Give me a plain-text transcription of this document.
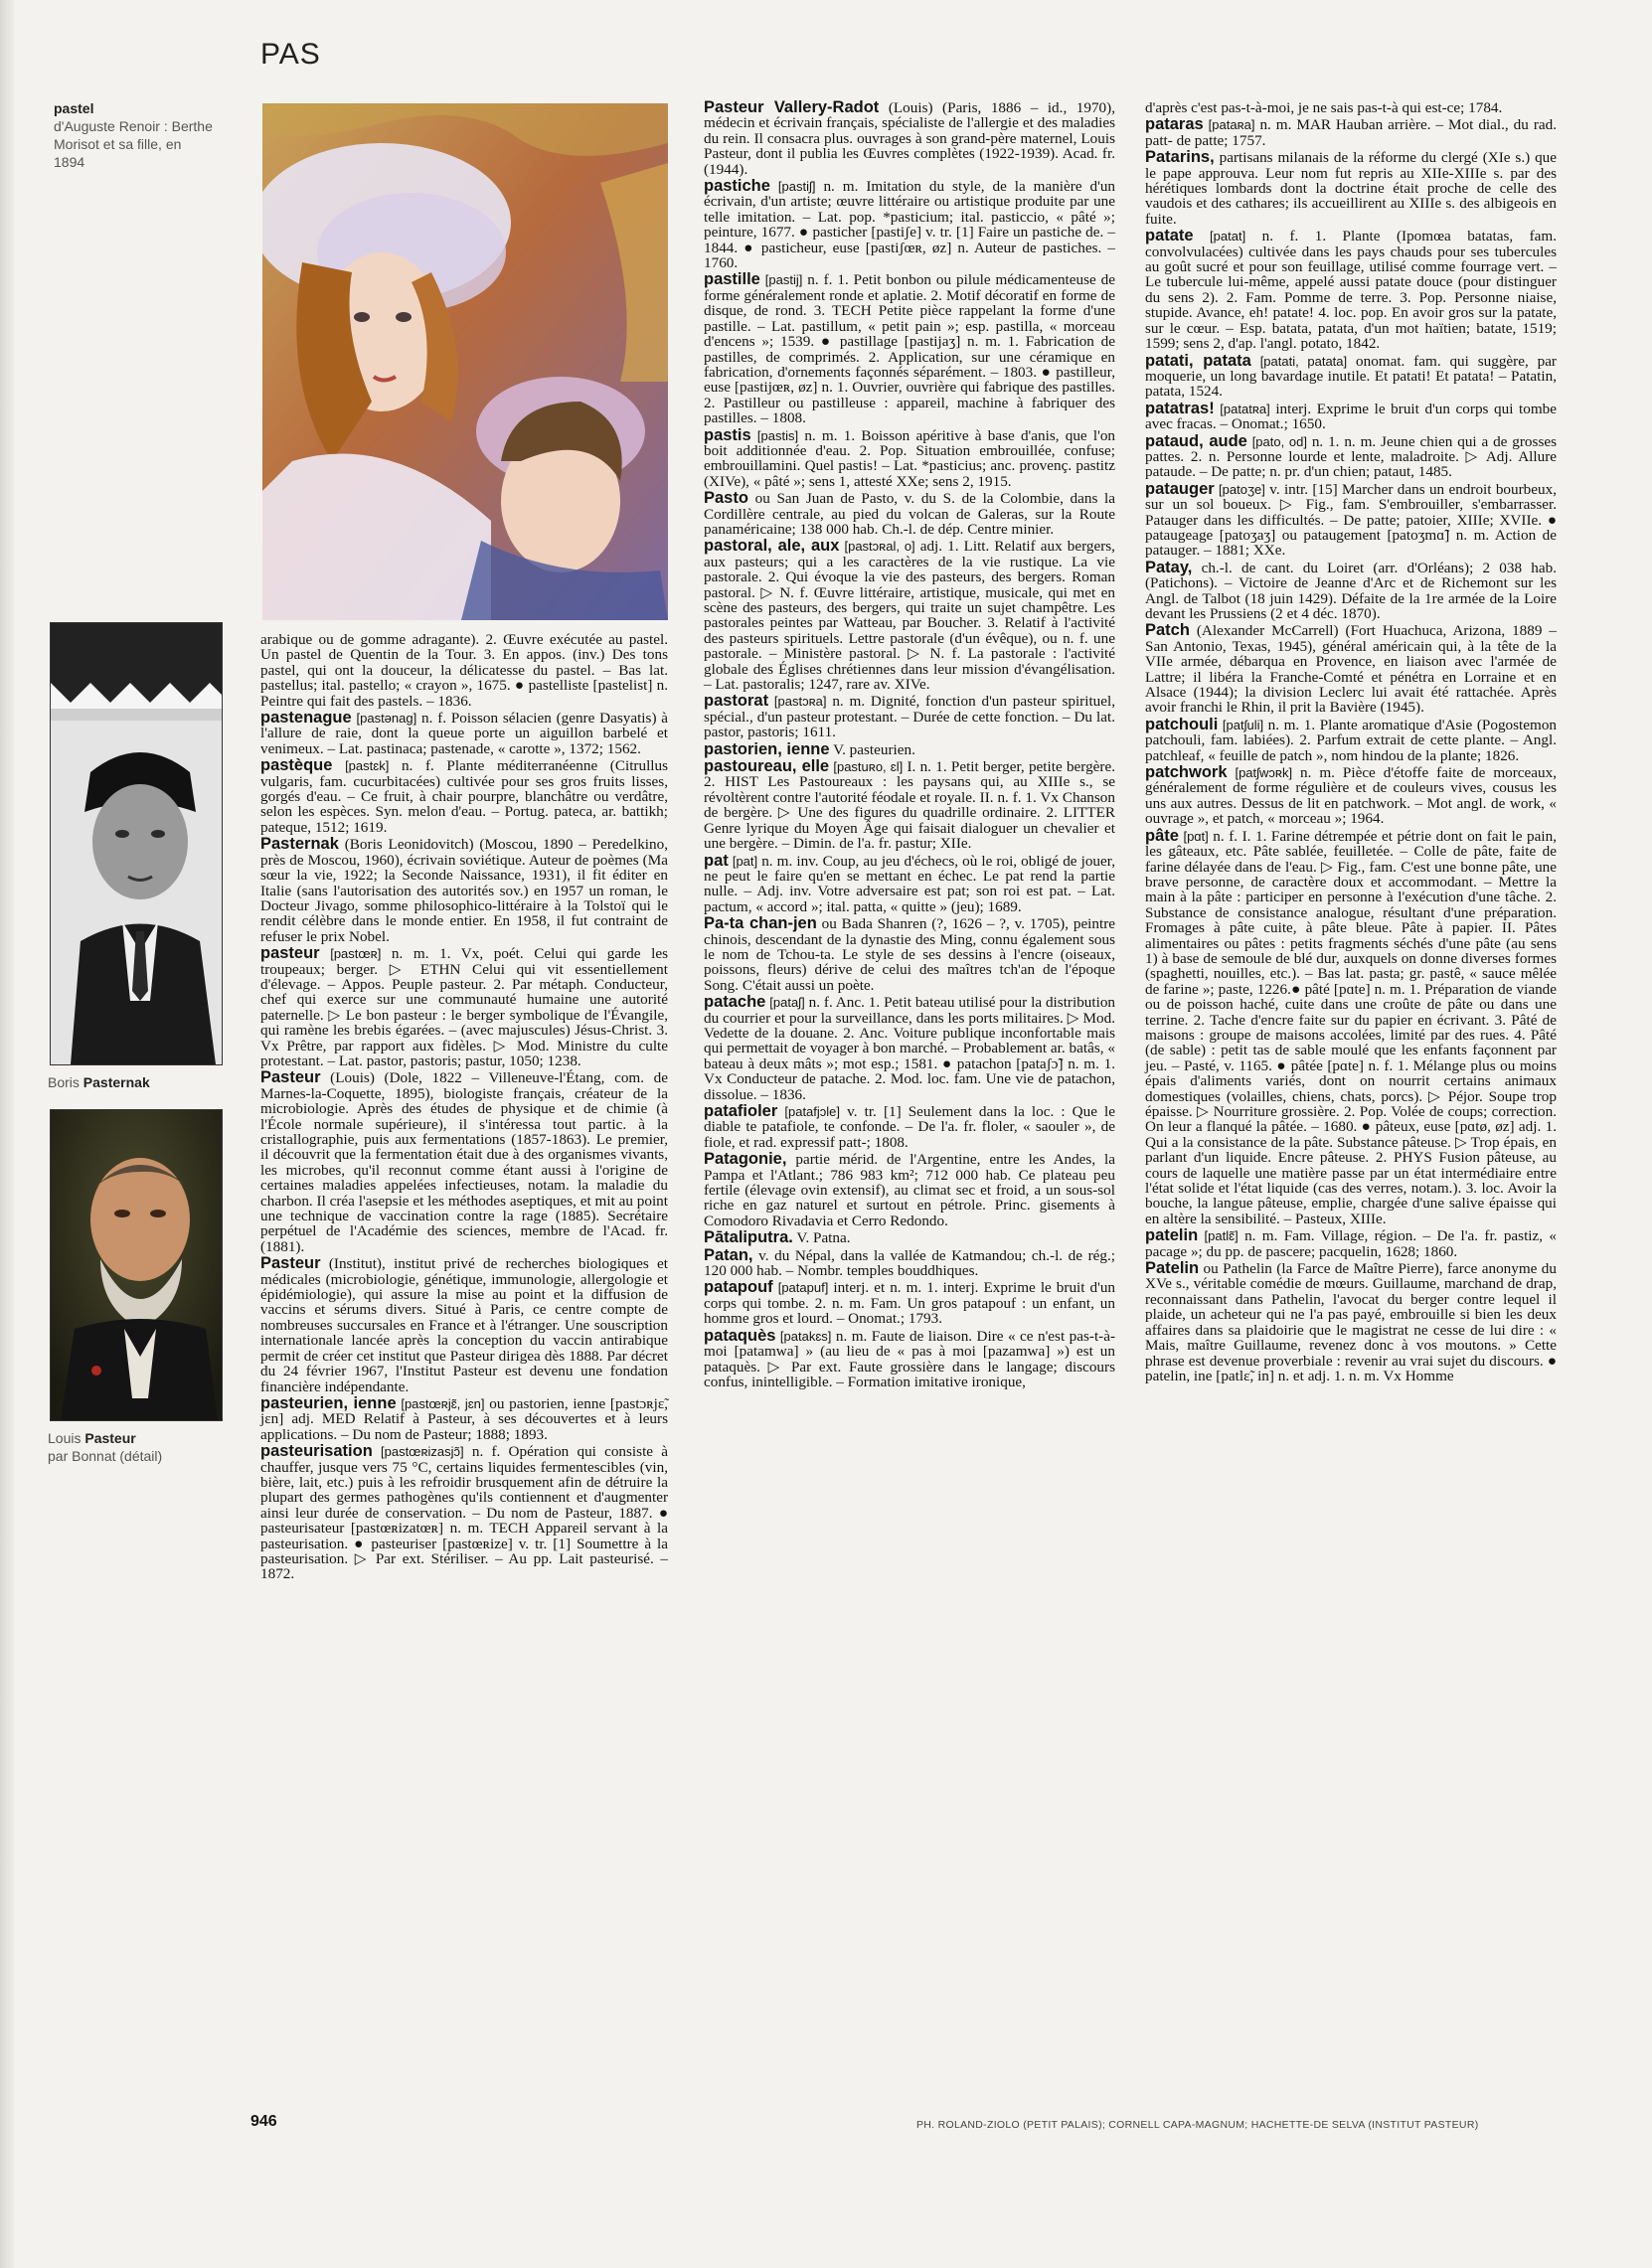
PAS
pastel
d'Auguste Renoir : Berthe Morisot et sa fille, en 1894
Boris Pasternak
Louis Pasteur
par Bonnat (détail)

arabique ou de gomme adragante). 2. Œuvre exécutée au pastel. Un pastel de Quentin de la Tour. 3. En appos. (inv.) Des tons pastel, qui ont la douceur, la délicatesse du pastel. – Bas lat. pastellus; ital. pastello; « crayon », 1675. ● pastelliste [pastelist] n. Peintre qui fait des pastels. – 1836.

pastenague [pastənag] n. f. Poisson sélacien (genre Dasyatis) à l'allure de raie, dont la queue porte un aiguillon barbelé et venimeux. – Lat. pastinaca; pastenade, « carotte », 1372; 1562.

pastèque [pastɛk] n. f. Plante méditerranéenne (Citrullus vulgaris, fam. cucurbitacées) cultivée pour ses gros fruits lisses, gorgés d'eau. – Ce fruit, à chair pourpre, blanchâtre ou verdâtre, selon les espèces. Syn. melon d'eau. – Portug. pateca, ar. battikh; pateque, 1512; 1619.

Pasternak (Boris Leonidovitch) (Moscou, 1890 – Peredelkino, près de Moscou, 1960), écrivain soviétique. Auteur de poèmes (Ma sœur la vie, 1922; la Seconde Naissance, 1931), il fit éditer en Italie (sans l'autorisation des autorités sov.) en 1957 un roman, le Docteur Jivago, somme philosophico-littéraire à la Tolstoï qui le rendit célèbre dans le monde entier. En 1958, il fut contraint de refuser le prix Nobel.

pasteur [pastœʀ] n. m. 1. Vx, poét. Celui qui garde les troupeaux; berger. ▷ ETHN Celui qui vit essentiellement d'élevage. – Appos. Peuple pasteur. 2. Par métaph. Conducteur, chef qui exerce sur une communauté humaine une autorité paternelle. ▷ Le bon pasteur : le berger symbolique de l'Évangile, qui ramène les brebis égarées. – (avec majuscules) Jésus-Christ. 3. Vx Prêtre, par rapport aux fidèles. ▷ Mod. Ministre du culte protestant. – Lat. pastor, pastoris; pastur, 1050; 1238.

Pasteur (Louis) (Dole, 1822 – Villeneuve-l'Étang, com. de Marnes-la-Coquette, 1895), biologiste français, créateur de la microbiologie. Après des études de physique et de chimie (à l'École normale supérieure), il s'intéressa tout partic. à la cristallographie, puis aux fermentations (1857-1863). Le premier, il découvrit que la fermentation était due à des organismes vivants, les microbes, qu'il reconnut comme étant aussi à l'origine de certaines maladies appelées infectieuses, notam. la maladie du charbon. Il créa l'asepsie et les méthodes aseptiques, et mit au point une technique de vaccination contre la rage (1885). Secrétaire perpétuel de l'Académie des sciences, membre de l'Acad. fr. (1881).

Pasteur (Institut), institut privé de recherches biologiques et médicales (microbiologie, génétique, immunologie, allergologie et épidémiologie), qui assure la mise au point et la diffusion de vaccins et sérums divers. Situé à Paris, ce centre compte de nombreuses succursales en France et à l'étranger. Une souscription internationale lancée après la conception du vaccin antirabique permit de créer cet institut que Pasteur dirigea dès 1888. Par décret du 24 février 1967, l'Institut Pasteur est devenu une fondation financière indépendante.

pasteurien, ienne [pastœʀjɛ̃, jɛn] ou pastorien, ienne [pastɔʀjɛ̃, jɛn] adj. MED Relatif à Pasteur, à ses découvertes et à leurs applications. – Du nom de Pasteur; 1888; 1893.

pasteurisation [pastœʀizasjɔ̃] n. f. Opération qui consiste à chauffer, jusque vers 75 °C, certains liquides fermentescibles (vin, bière, lait, etc.) puis à les refroidir brusquement afin de détruire la plupart des germes pathogènes qu'ils contiennent et d'augmenter ainsi leur durée de conservation. – Du nom de Pasteur, 1887. ● pasteurisateur [pastœʀizatœʀ] n. m. TECH Appareil servant à la pasteurisation. ● pasteuriser [pastœʀize] v. tr. [1] Soumettre à la pasteurisation. ▷ Par ext. Stériliser. – Au pp. Lait pasteurisé. – 1872.

Pasteur Vallery-Radot (Louis) (Paris, 1886 – id., 1970), médecin et écrivain français, spécialiste de l'allergie et des maladies du rein. Il consacra plus. ouvrages à son grand-père maternel, Louis Pasteur, dont il publia les Œuvres complètes (1922-1939). Acad. fr. (1944).

pastiche [pastiʃ] n. m. Imitation du style, de la manière d'un écrivain, d'un artiste; œuvre littéraire ou artistique produite par une telle imitation. – Lat. pop. *pasticium; ital. pasticcio, « pâté »; peinture, 1677. ● pasticher [pastiʃe] v. tr. [1] Faire un pastiche de. – 1844. ● pasticheur, euse [pastiʃœʀ, øz] n. Auteur de pastiches. – 1760.

pastille [pastij] n. f. 1. Petit bonbon ou pilule médicamenteuse de forme généralement ronde et aplatie. 2. Motif décoratif en forme de disque, de rond. 3. TECH Petite pièce rappelant la forme d'une pastille. – Lat. pastillum, « petit pain »; esp. pastilla, « morceau d'encens »; 1539. ● pastillage [pastijaʒ] n. m. 1. Fabrication de pastilles, de comprimés. 2. Application, sur une céramique en fabrication, d'ornements façonnés séparément. – 1803. ● pastilleur, euse [pastijœʀ, øz] n. 1. Ouvrier, ouvrière qui fabrique des pastilles. 2. Pastilleur ou pastilleuse : appareil, machine à fabriquer des pastilles. – 1808.

pastis [pastis] n. m. 1. Boisson apéritive à base d'anis, que l'on boit additionnée d'eau. 2. Pop. Situation embrouillée, confuse; embrouillamini. Quel pastis! – Lat. *pasticius; anc. provenç. pastitz (XIVe), « pâté »; sens 1, attesté XXe; sens 2, 1915.

Pasto ou San Juan de Pasto, v. du S. de la Colombie, dans la Cordillère centrale, au pied du volcan de Galeras, sur la Route panaméricaine; 138 000 hab. Ch.-l. de dép. Centre minier.

pastoral, ale, aux [pastɔʀal, o] adj. 1. Litt. Relatif aux bergers, aux pasteurs; qui a les caractères de la vie rustique. La vie pastorale. 2. Qui évoque la vie des pasteurs, des bergers. Roman pastoral. ▷ N. f. Œuvre littéraire, artistique, musicale, qui met en scène des pasteurs, des bergers, qui traite un sujet champêtre. Les pastorales peintes par Watteau, par Boucher. 3. Relatif à l'activité des pasteurs spirituels. Lettre pastorale (d'un évêque), ou n. f. une pastorale. – Ministère pastoral. ▷ N. f. La pastorale : l'activité globale des Églises chrétiennes dans leur mission d'évangélisation. – Lat. pastoralis; 1247, rare av. XIVe.

pastorat [pastɔʀa] n. m. Dignité, fonction d'un pasteur spirituel, spécial., d'un pasteur protestant. – Durée de cette fonction. – Du lat. pastor, pastoris; 1611.

pastorien, ienne V. pasteurien.

pastoureau, elle [pastuʀo, ɛl] I. n. 1. Petit berger, petite bergère. 2. HIST Les Pastoureaux : les paysans qui, au XIIIe s., se révoltèrent contre l'autorité féodale et royale. II. n. f. 1. Vx Chanson de bergère. ▷ Une des figures du quadrille ordinaire. 2. LITTER Genre lyrique du Moyen Âge qui faisait dialoguer un chevalier et une bergère. – Dimin. de l'a. fr. pastur; XIIe.

pat [pat] n. m. inv. Coup, au jeu d'échecs, où le roi, obligé de jouer, ne peut le faire qu'en se mettant en échec. Le pat rend la partie nulle. – Adj. inv. Votre adversaire est pat; son roi est pat. – Lat. pactum, « accord »; ital. patta, « quitte » (jeu); 1689.

Pa-ta chan-jen ou Bada Shanren (?, 1626 – ?, v. 1705), peintre chinois, descendant de la dynastie des Ming, connu également sous le nom de Tchou-ta. Le style de ses dessins à l'encre (oiseaux, poissons, fleurs) dérive de celui des maîtres tch'an de l'époque Song. C'était aussi un poète.

patache [pataʃ] n. f. Anc. 1. Petit bateau utilisé pour la distribution du courrier et pour la surveillance, dans les ports militaires. ▷ Mod. Vedette de la douane. 2. Anc. Voiture publique inconfortable mais qui permettait de voyager à bon marché. – Probablement ar. batâs, « bateau à deux mâts »; mot esp.; 1581. ● patachon [pataʃɔ̃] n. m. 1. Vx Conducteur de patache. 2. Mod. loc. fam. Une vie de patachon, dissolue. – 1836.

patafioler [patafjɔle] v. tr. [1] Seulement dans la loc. : Que le diable te patafiole, te confonde. – De l'a. fr. floler, « saouler », de fiole, et rad. expressif patt-; 1808.

Patagonie, partie mérid. de l'Argentine, entre les Andes, la Pampa et l'Atlant.; 786 983 km²; 712 000 hab. Ce plateau peu fertile (élevage ovin extensif), au climat sec et froid, a un sous-sol riche en gaz naturel et surtout en pétrole. Princ. gisements à Comodoro Rivadavia et Cerro Redondo.

Pātaliputra. V. Patna.

Patan, v. du Népal, dans la vallée de Katmandou; ch.-l. de rég.; 120 000 hab. – Nombr. temples bouddhiques.

patapouf [patapuf] interj. et n. m. 1. interj. Exprime le bruit d'un corps qui tombe. 2. n. m. Fam. Un gros patapouf : un enfant, un homme gros et lourd. – Onomat.; 1793.

pataquès [patakɛs] n. m. Faute de liaison. Dire « ce n'est pas-t-à-moi [patamwa] » (au lieu de « pas à moi [pazamwa] ») est un pataquès. ▷ Par ext. Faute grossière dans le langage; discours confus, inintelligible. – Formation imitative ironique,

d'après c'est pas-t-à-moi, je ne sais pas-t-à qui est-ce; 1784.

pataras [pataʀa] n. m. MAR Hauban arrière. – Mot dial., du rad. patt- de patte; 1757.

Patarins, partisans milanais de la réforme du clergé (XIe s.) que le pape approuva. Leur nom fut repris au XIIe-XIIIe s. par des hérétiques lombards dont la doctrine était proche de celle des vaudois et des cathares; ils accueillirent au XIIIe s. des albigeois en fuite.

patate [patat] n. f. 1. Plante (Ipomœa batatas, fam. convolvulacées) cultivée dans les pays chauds pour ses tubercules au goût sucré et pour son feuillage, utilisé comme fourrage vert. – Le tubercule lui-même, appelé aussi patate douce (pour distinguer du sens 2). 2. Fam. Pomme de terre. 3. Pop. Personne niaise, stupide. Avance, eh! patate! 4. loc. pop. En avoir gros sur la patate, sur le cœur. – Esp. batata, patata, d'un mot haïtien; batate, 1519; 1599; sens 2, d'ap. l'angl. potato, 1842.

patati, patata [patati, patata] onomat. fam. qui suggère, par moquerie, un long bavardage inutile. Et patati! Et patata! – Patatin, patata, 1524.

patatras! [patatʀa] interj. Exprime le bruit d'un corps qui tombe avec fracas. – Onomat.; 1650.

pataud, aude [pato, od] n. 1. n. m. Jeune chien qui a de grosses pattes. 2. n. Personne lourde et lente, maladroite. ▷ Adj. Allure pataude. – De patte; n. pr. d'un chien; pataut, 1485.

patauger [patoʒe] v. intr. [15] Marcher dans un endroit bourbeux, sur un sol boueux. ▷ Fig., fam. S'embrouiller, s'embarrasser. Patauger dans les difficultés. – De patte; patoier, XIIIe; XVIIe. ● pataugeage [patoʒaʒ] ou pataugement [patoʒmɑ̃] n. m. Action de patauger. – 1881; XXe.

Patay, ch.-l. de cant. du Loiret (arr. d'Orléans); 2 038 hab. (Patichons). – Victoire de Jeanne d'Arc et de Richemont sur les Angl. de Talbot (18 juin 1429). Défaite de la 1re armée de la Loire devant les Prussiens (2 et 4 déc. 1870).

Patch (Alexander McCarrell) (Fort Huachuca, Arizona, 1889 – San Antonio, Texas, 1945), général américain qui, à la tête de la VIIe armée, débarqua en Provence, en liaison avec l'armée de Lattre; il libéra la Franche-Comté et pénétra en Lorraine et en Alsace (1944); la division Leclerc lui avait été rattachée. Après avoir franchi le Rhin, il prit la Bavière (1945).

patchouli [patʃuli] n. m. 1. Plante aromatique d'Asie (Pogostemon patchouli, fam. labiées). 2. Parfum extrait de cette plante. – Angl. patchleaf, « feuille de patch », nom hindou de la plante; 1826.

patchwork [patʃwɔʀk] n. m. Pièce d'étoffe faite de morceaux, généralement de forme régulière et de couleurs vives, cousus les uns aux autres. Dessus de lit en patchwork. – Mot angl. de work, « ouvrage », et patch, « morceau »; 1964.

pâte [pɑt] n. f. I. 1. Farine détrempée et pétrie dont on fait le pain, les gâteaux, etc. Pâte sablée, feuilletée. – Colle de pâte, faite de farine délayée dans de l'eau. ▷ Fig., fam. C'est une bonne pâte, une brave personne, de caractère doux et accommodant. – Mettre la main à la pâte : participer en personne à l'exécution d'une tâche. 2. Substance de consistance analogue, résultant d'une préparation. Fromages à pâte cuite, à pâte bleue. Pâte à papier. II. Pâtes alimentaires ou pâtes : petits fragments séchés d'une pâte (au sens 1) à base de semoule de blé dur, auxquels on donne diverses formes (spaghetti, nouilles, etc.). – Bas lat. pasta; gr. pastê, « sauce mêlée de farine »; paste, 1226.● pâté [pɑte] n. m. 1. Préparation de viande ou de poisson haché, cuite dans une croûte de pâte ou dans une terrine. 2. Tache d'encre faite sur du papier en écrivant. 3. Pâté de maisons : groupe de maisons accolées, limité par des rues. 4. Pâté (de sable) : petit tas de sable moulé que les enfants façonnent par jeu. – Pasté, v. 1165. ● pâtée [pɑte] n. f. 1. Mélange plus ou moins épais d'aliments variés, dont on nourrit certains animaux domestiques (volailles, chiens, chats, porcs). ▷ Péjor. Soupe trop épaisse. ▷ Nourriture grossière. 2. Pop. Volée de coups; correction. On leur a flanqué la pâtée. – 1680. ● pâteux, euse [pɑtø, øz] adj. 1. Qui a la consistance de la pâte. Substance pâteuse. ▷ Trop épais, en parlant d'un liquide. Encre pâteuse. 2. PHYS Fusion pâteuse, au cours de laquelle une matière passe par un état intermédiaire entre l'état solide et l'état liquide (cas des verres, notam.). 3. loc. Avoir la bouche, la langue pâteuse, emplie, chargée d'une salive épaisse qui en altère la sensibilité. – Pasteux, XIIIe.

patelin [patlɛ̃] n. m. Fam. Village, région. – De l'a. fr. pastiz, « pacage »; du pp. de pascere; pacquelin, 1628; 1860.

Patelin ou Pathelin (la Farce de Maître Pierre), farce anonyme du XVe s., véritable comédie de mœurs. Guillaume, marchand de drap, reconnaissant dans Pathelin, l'avocat du berger contre lequel il plaide, un acheteur qui ne l'a pas payé, embrouille si bien les deux affaires dans sa plaidoirie que le magistrat ne cesse de lui dire : « Mais, maître Guillaume, revenez donc à vos moutons. » Cette phrase est devenue proverbiale : revenir au vrai sujet du discours. ● patelin, ine [patlɛ̃, in] n. et adj. 1. n. m. Vx Homme

946	PH. ROLAND-ZIOLO (PETIT PALAIS); CORNELL CAPA-MAGNUM; HACHETTE-DE SELVA (INSTITUT PASTEUR)
